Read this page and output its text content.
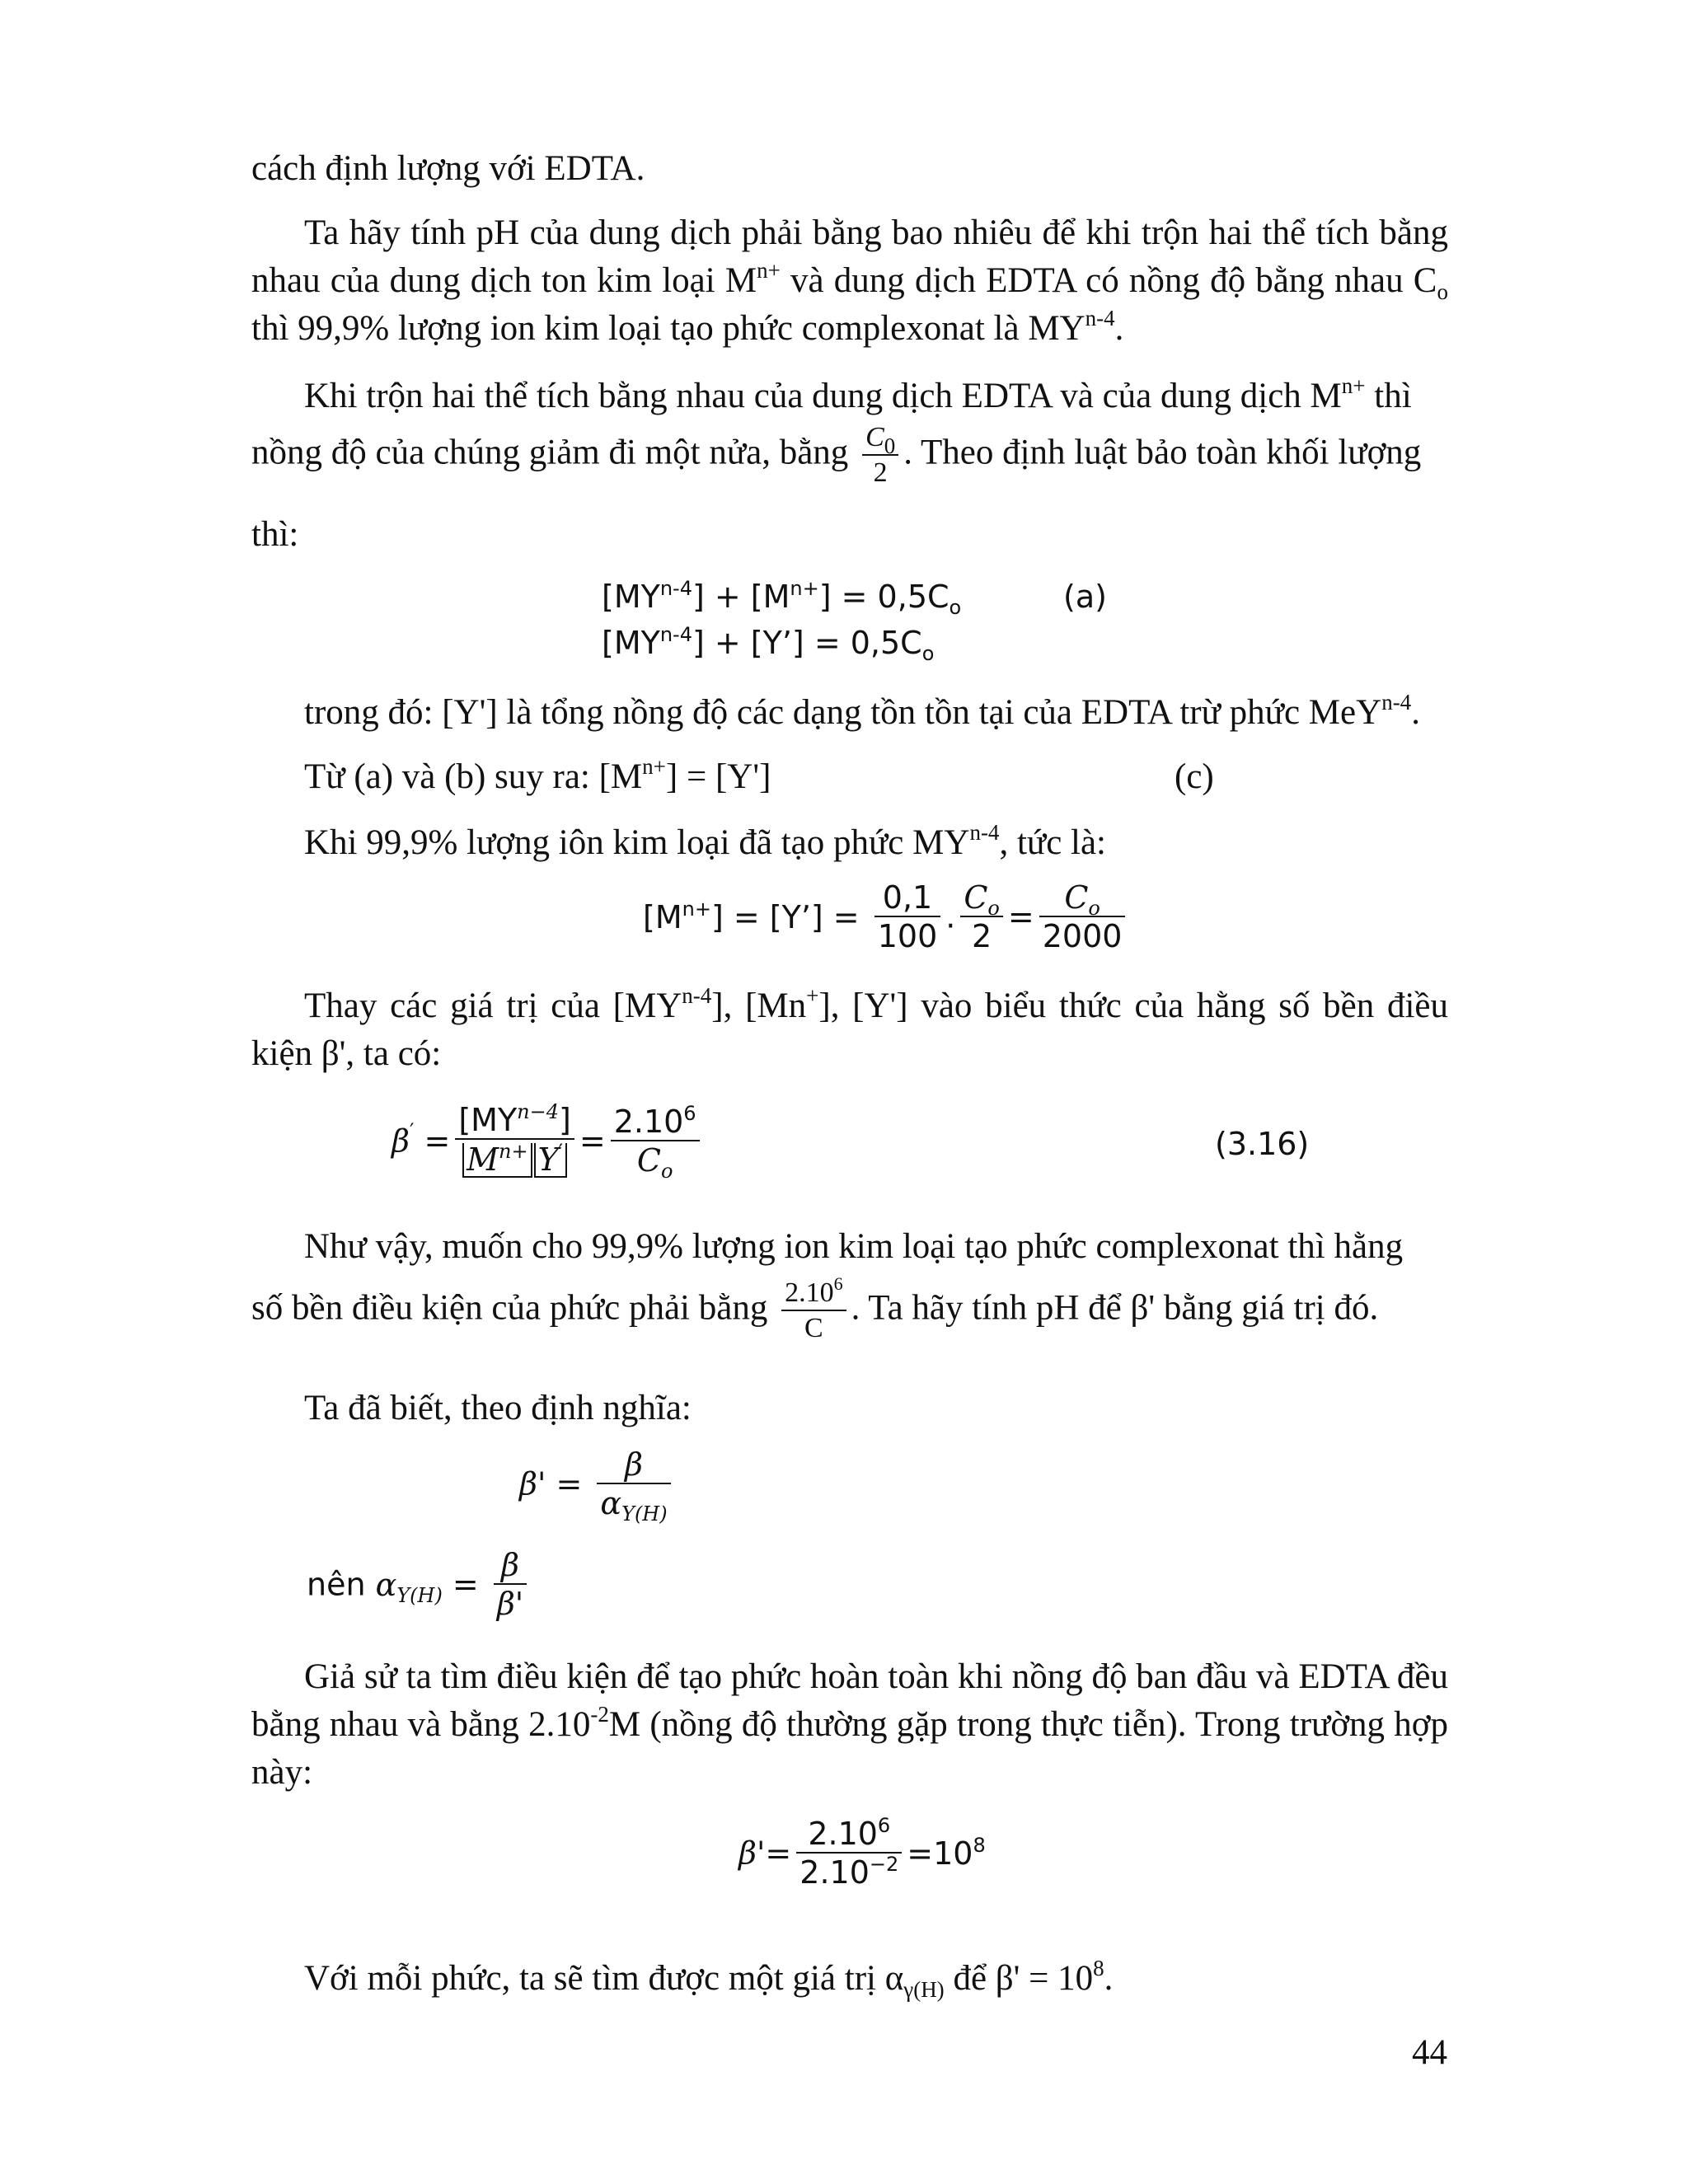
cách định lượng với EDTA.

Ta hãy tính pH của dung dịch phải bằng bao nhiêu để khi trộn hai thể tích bằng nhau của dung dịch ton kim loại $M^{n+}$ và dung dịch EDTA có nồng độ bằng nhau $C_o$ thì 99,9% lượng ion kim loại tạo phức complexonat là MY$^{n-4}$.

Khi trộn hai thể tích bằng nhau của dung dịch EDTA và của dung dịch $M^{n+}$ thì

nồng độ của chúng giảm đi một nửa, bằng $\frac{C_0}{2}$ . Theo định luật bảo toàn khối lượng

thì:

$[MY^{n-4}] + [M^{n+}] = 0,5C_o$	(a)
$[MY^{n-4}]$ + [Y’] = $0,5C_o$

trong đó: [Y'] là tổng nồng độ các dạng tồn tồn tại của EDTA trừ phức MeY$^{n-4}$.

Từ (a) và (b) suy ra: $[M^{n+}] = [Y']$	(c)

Khi 99,9% lượng iôn kim loại đã tạo phức MY$^{n-4}$, tức là:

$[M^{n+}]$ = [Y’] = $\frac{0,1}{100}$ . $\frac{C_o}{2} = \frac{C_o}{2000}$

Thay các giá trị của [MY$^{n-4}$], [Mn+], [Y'] vào biểu thức của hằng số bền điều kiện β', ta có:

$\beta' = \frac{[MY^{n-4}]}{M^{n+} Y'} = \frac{2.10^6}{C_o}$	(3.16)

Như vậy, muốn cho 99,9% lượng ion kim loại tạo phức complexonat thì hằng

số bền điều kiện của phức phải bằng $\frac{2.10^6}{C}$ . Ta hãy tính pH để β' bằng giá trị đó.

Ta đã biết, theo định nghĩa:

$\beta' = \frac{\beta}{\alpha_{Y(H)}}$
nên $\alpha_{Y(H)} = \frac{\beta}{\beta'}$

Giả sử ta tìm điều kiện để tạo phức hoàn toàn khi nồng độ ban đầu và EDTA đều bằng nhau và bằng $2.10^{-2}M$ (nồng độ thường gặp trong thực tiễn). Trong trường hợp này:

$\beta'= \frac{2.10^6}{2.10^{-2}} =10^8$

Với mỗi phức, ta sẽ tìm được một giá trị $\alpha_{\gamma(H)}$ để $\beta' = 10^8$.

44
